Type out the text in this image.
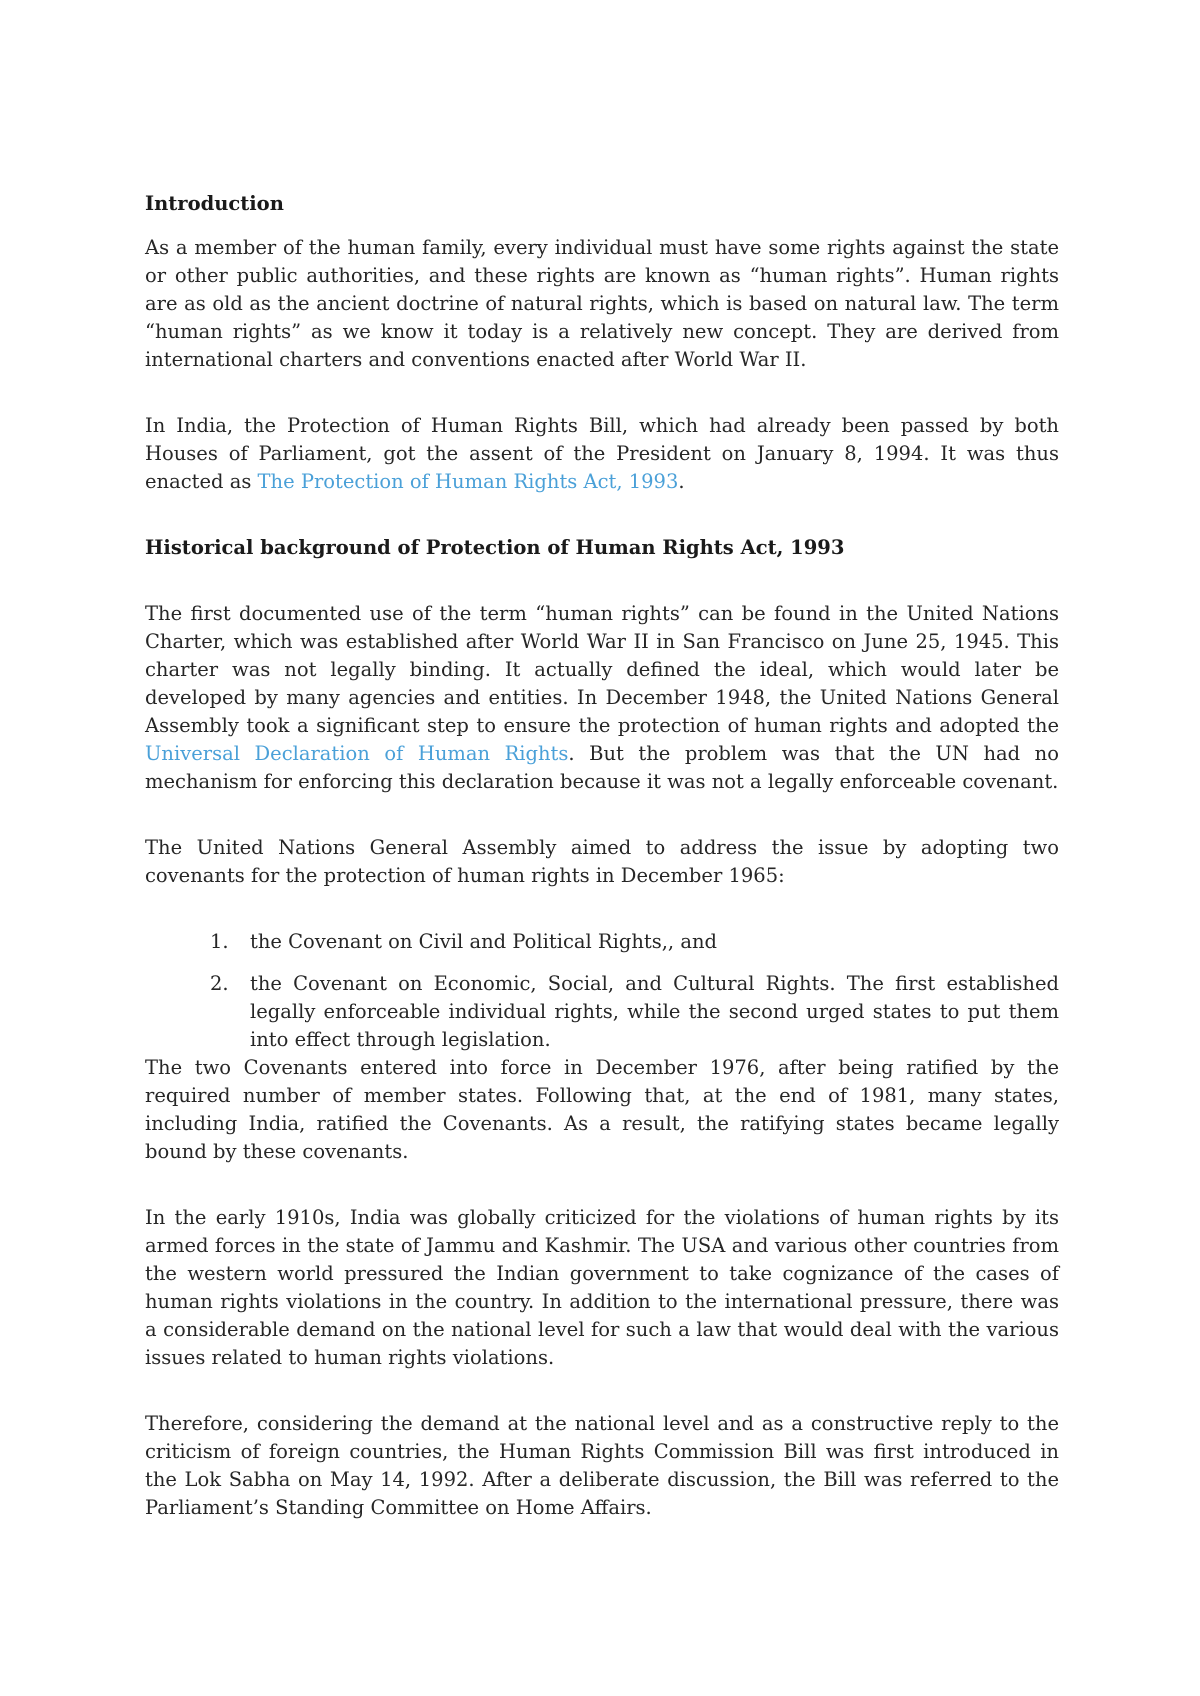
Introduction

As a member of the human family, every individual must have some rights against the state or other public authorities, and these rights are known as “human rights”. Human rights are as old as the ancient doctrine of natural rights, which is based on natural law. The term “human rights” as we know it today is a relatively new concept. They are derived from international charters and conventions enacted after World War II.

In India, the Protection of Human Rights Bill, which had already been passed by both Houses of Parliament, got the assent of the President on January 8, 1994. It was thus enacted as The Protection of Human Rights Act, 1993.

Historical background of Protection of Human Rights Act, 1993

The first documented use of the term “human rights” can be found in the United Nations Charter, which was established after World War II in San Francisco on June 25, 1945. This charter was not legally binding. It actually defined the ideal, which would later be developed by many agencies and entities. In December 1948, the United Nations General Assembly took a significant step to ensure the protection of human rights and adopted the Universal Declaration of Human Rights. But the problem was that the UN had no mechanism for enforcing this declaration because it was not a legally enforceable covenant.

The United Nations General Assembly aimed to address the issue by adopting two covenants for the protection of human rights in December 1965:

1. the Covenant on Civil and Political Rights,, and
2. the Covenant on Economic, Social, and Cultural Rights. The first established legally enforceable individual rights, while the second urged states to put them into effect through legislation.

The two Covenants entered into force in December 1976, after being ratified by the required number of member states. Following that, at the end of 1981, many states, including India, ratified the Covenants. As a result, the ratifying states became legally bound by these covenants.

In the early 1910s, India was globally criticized for the violations of human rights by its armed forces in the state of Jammu and Kashmir. The USA and various other countries from the western world pressured the Indian government to take cognizance of the cases of human rights violations in the country. In addition to the international pressure, there was a considerable demand on the national level for such a law that would deal with the various issues related to human rights violations.

Therefore, considering the demand at the national level and as a constructive reply to the criticism of foreign countries, the Human Rights Commission Bill was first introduced in the Lok Sabha on May 14, 1992. After a deliberate discussion, the Bill was referred to the Parliament’s Standing Committee on Home Affairs.
